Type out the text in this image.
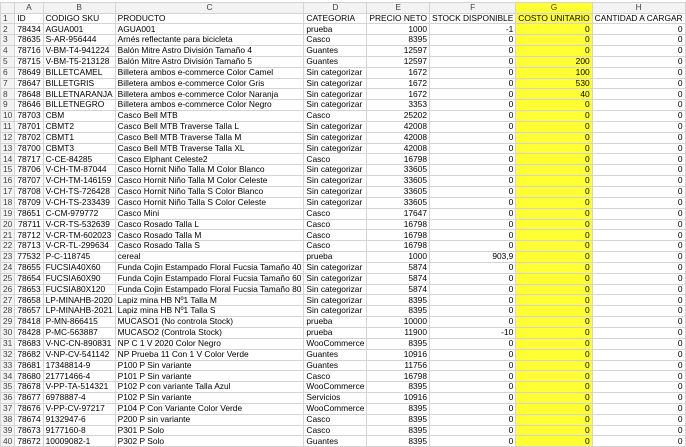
	A	B	C	D	E	F	G	H
1	ID	CODIGO SKU	PRODUCTO	CATEGORIA	PRECIO NETO	STOCK DISPONIBLE	COSTO UNITARIO	CANTIDAD A CARGAR
2	78434	AGUA001	AGUA001	prueba	1000	-1	0	0
3	78635	S-AR-956444	Arnés reflectante para bicicleta	Casco	8395	0	0	0
4	78716	V-BM-T4-941224	Balón Mitre Astro División Tamaño 4	Guantes	12597	0	0	0
5	78715	V-BM-T5-213128	Balón Mitre Astro División Tamaño 5	Guantes	12597	0	200	0
6	78649	BILLETCAMEL	Billetera ambos e-commerce Color Camel	Sin categorizar	1672	0	100	0
7	78647	BILLETGRIS	Billetera ambos e-commerce Color Gris	Sin categorizar	1672	0	530	0
8	78648	BILLETNARANJA	Billetera ambos e-commerce Color Naranja	Sin categorizar	1672	0	40	0
9	78646	BILLETNEGRO	Billetera ambos e-commerce Color Negro	Sin categorizar	3353	0	0	0
10	78703	CBM	Casco Bell MTB	Casco	25202	0	0	0
11	78701	CBMT2	Casco Bell MTB Traverse Talla L	Sin categorizar	42008	0	0	0
12	78702	CBMT1	Casco Bell MTB Traverse Talla M	Sin categorizar	42008	0	0	0
13	78700	CBMT3	Casco Bell MTB Traverse Talla XL	Sin categorizar	42008	0	0	0
14	78717	C-CE-84285	Casco Elphant Celeste2	Casco	16798	0	0	0
15	78706	V-CH-TM-87044	Casco Hornit Niño Talla M Color Blanco	Sin categorizar	33605	0	0	0
16	78707	V-CH-TM-146159	Casco Hornit Niño Talla M Color Celeste	Sin categorizar	33605	0	0	0
17	78708	V-CH-TS-726428	Casco Hornit Niño Talla S Color Blanco	Sin categorizar	33605	0	0	0
18	78709	V-CH-TS-233439	Casco Hornit Niño Talla S Color Celeste	Sin categorizar	33605	0	0	0
19	78651	C-CM-979772	Casco Mini	Casco	17647	0	0	0
20	78711	V-CR-TS-532639	Casco Rosado Talla L	Casco	16798	0	0	0
21	78712	V-CR-TM-602023	Casco Rosado Talla M	Casco	16798	0	0	0
22	78713	V-CR-TL-299634	Casco Rosado Talla S	Casco	16798	0	0	0
23	77532	P-C-118745	cereal	prueba	1000	903,9	0	0
24	78655	FUCSIA40X60	Funda Cojin Estampado Floral Fucsia Tamaño 40	Sin categorizar	5874	0	0	0
25	78654	FUCSIA60X90	Funda Cojin Estampado Floral Fucsia Tamaño 60	Sin categorizar	5874	0	0	0
26	78653	FUCSIA80X120	Funda Cojin Estampado Floral Fucsia Tamaño 80	Sin categorizar	5874	0	0	0
27	78658	LP-MINAHB-2020	Lapiz mina HB Nº1 Talla M	Sin categorizar	8395	0	0	0
28	78657	LP-MINAHB-2021	Lapiz mina HB Nº1 Talla S	Sin categorizar	8395	0	0	0
29	78418	P-MN-866415	MUCASO1 (No controla Stock)	prueba	10000	0	0	0
30	78428	P-MC-563887	MUCASO2 (Controla Stock)	prueba	11900	-10	0	0
31	78683	V-NC-CN-890831	NP C 1 V 2020 Color Negro	WooCommerce	8395	0	0	0
32	78682	V-NP-CV-541142	NP Prueba 11 Con 1 V Color Verde	Guantes	10916	0	0	0
33	78681	17348814-9	P100 P Sin variante	Guantes	11756	0	0	0
34	78680	21771466-4	P101 P Sin variante	Casco	16798	0	0	0
35	78678	V-PP-TA-514321	P102 P con variante Talla Azul	WooCommerce	8395	0	0	0
36	78677	6978887-4	P102 P Sin variante	Servicios	10916	0	0	0
37	78676	V-PP-CV-97217	P104 P Con Variante Color Verde	WooCommerce	8395	0	0	0
38	78674	9132947-6	P200 P sin variante	Casco	8395	0	0	0
39	78673	9177160-8	P301 P Solo	Casco	8395	0	0	0
40	78672	10009082-1	P302 P Solo	Guantes	8395	0	0	0
